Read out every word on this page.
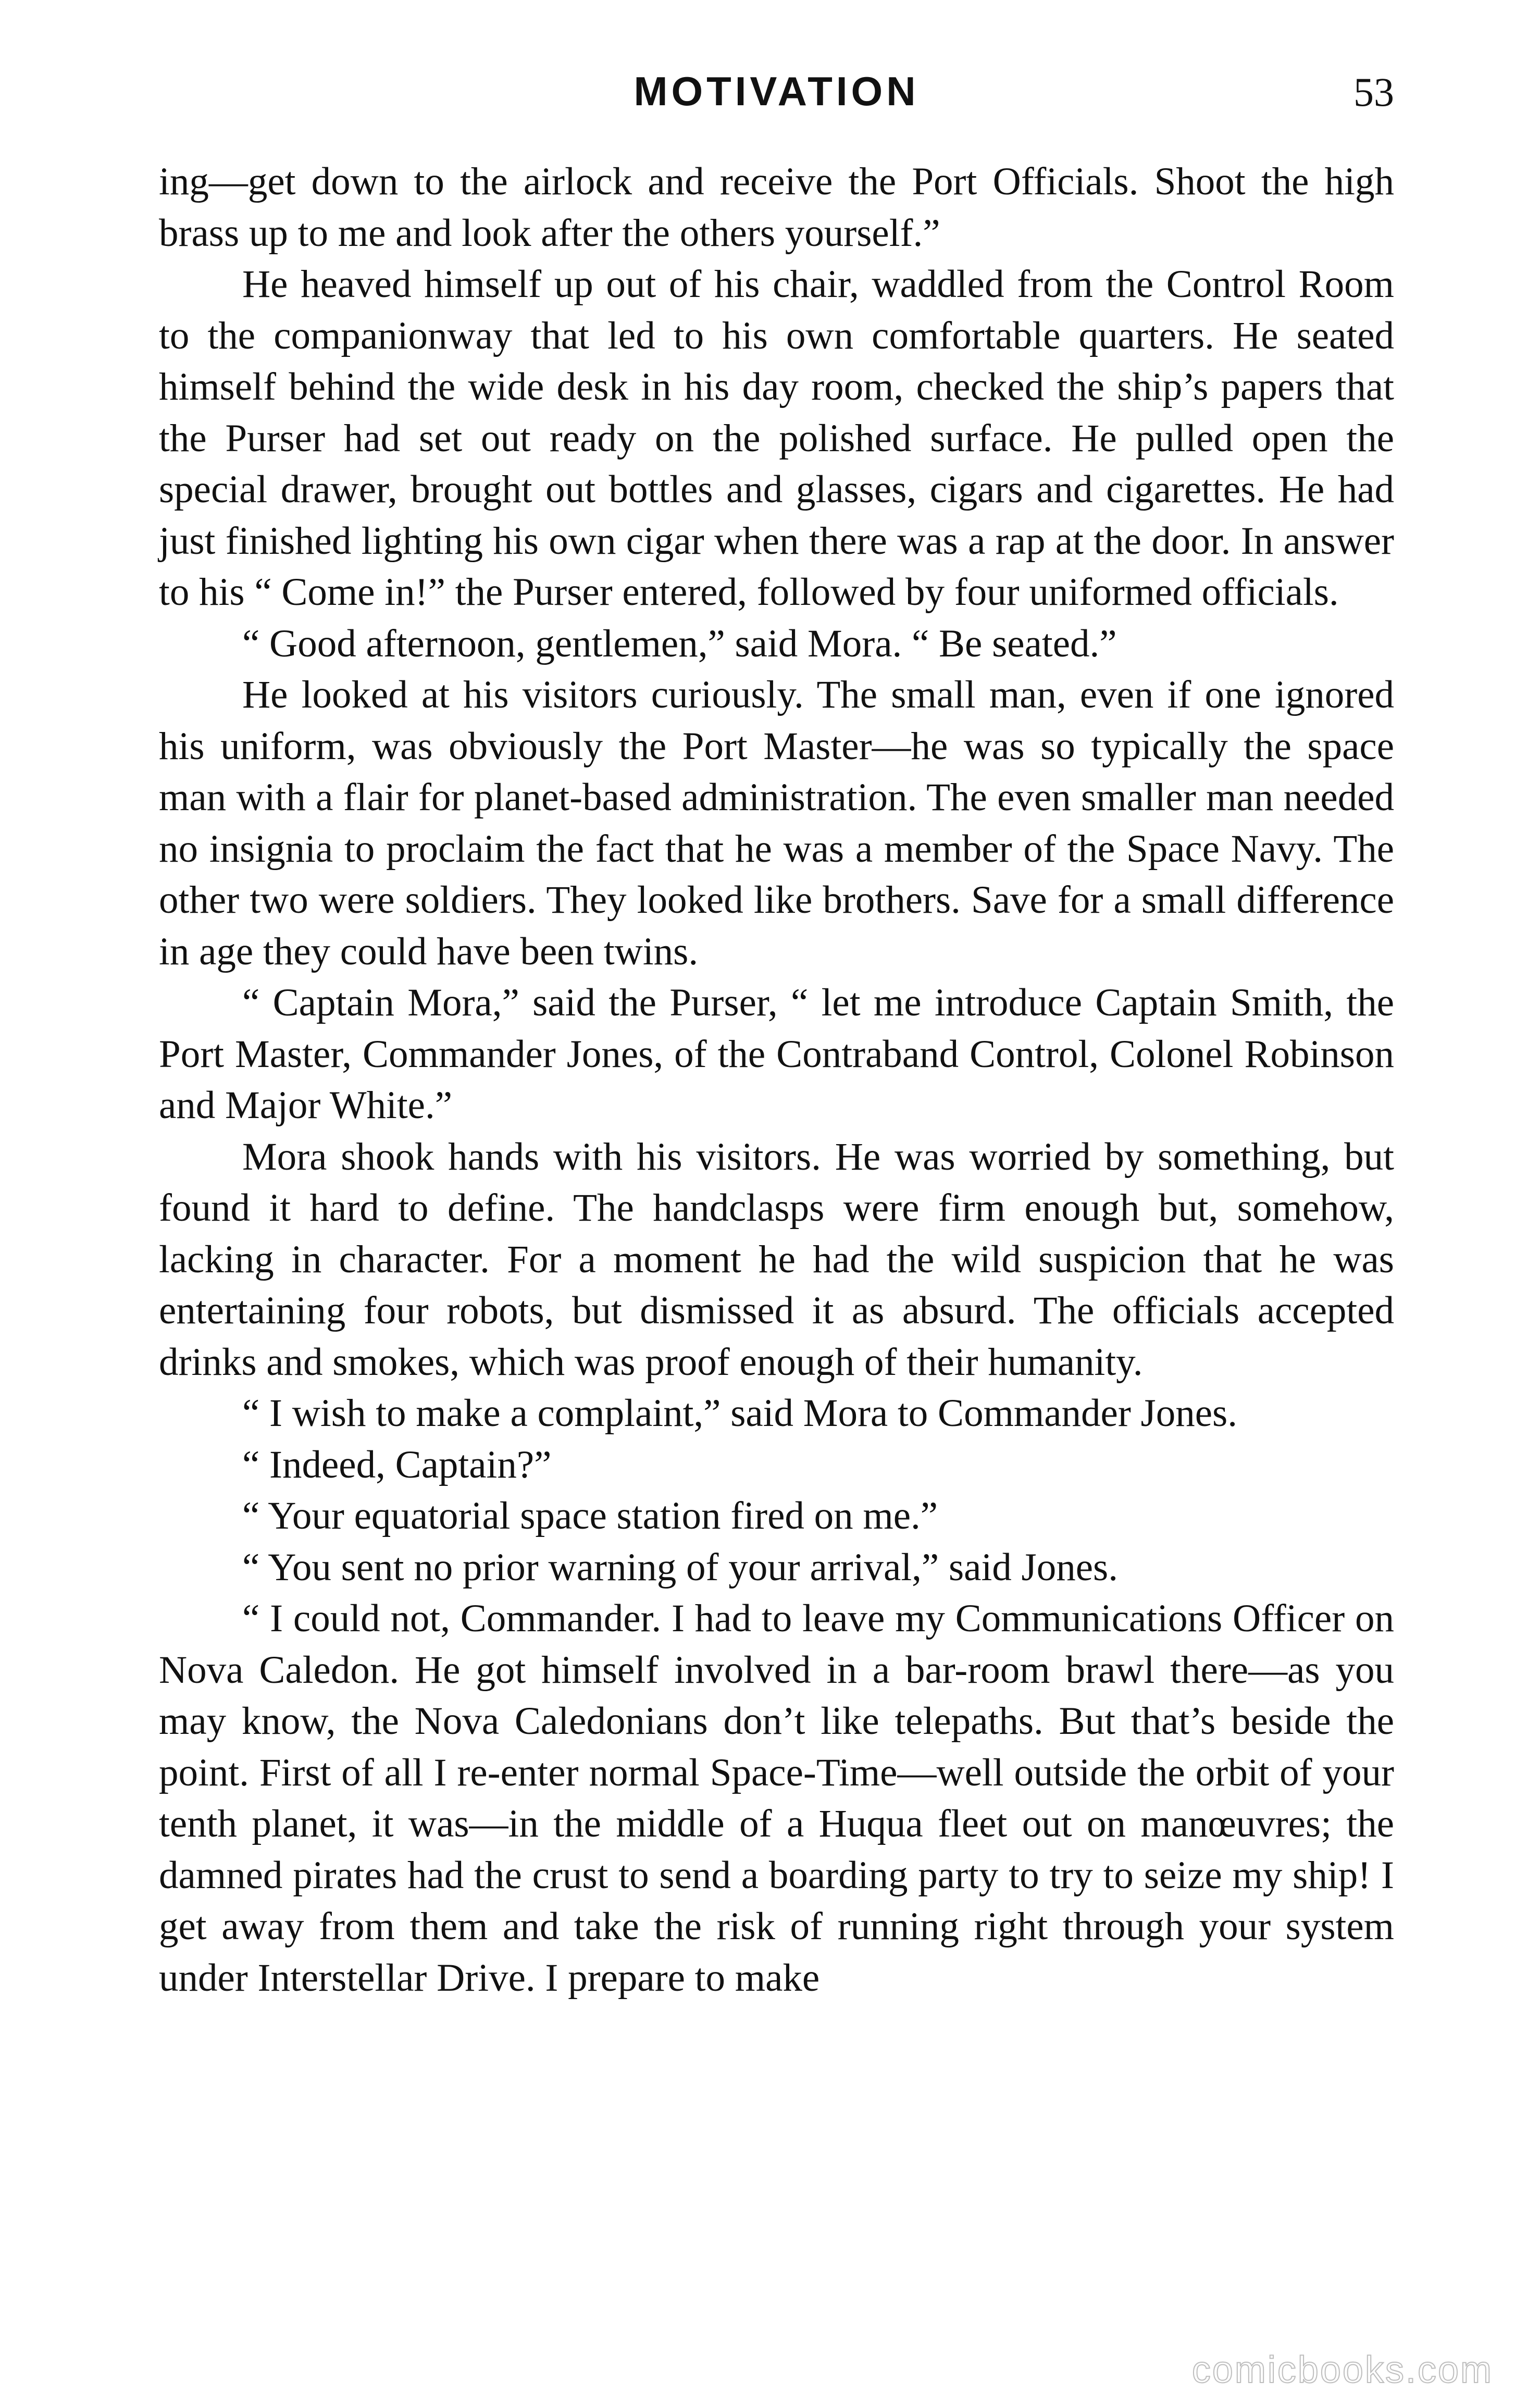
MOTIVATION	53

ing—get down to the airlock and receive the Port Officials. Shoot the high brass up to me and look after the others yourself.”

He heaved himself up out of his chair, waddled from the Control Room to the companionway that led to his own comfortable quarters. He seated himself behind the wide desk in his day room, checked the ship’s papers that the Purser had set out ready on the polished surface. He pulled open the special drawer, brought out bottles and glasses, cigars and cigarettes. He had just finished lighting his own cigar when there was a rap at the door. In answer to his “ Come in!” the Purser entered, followed by four uniformed officials.

“ Good afternoon, gentlemen,” said Mora. “ Be seated.”

He looked at his visitors curiously. The small man, even if one ignored his uniform, was obviously the Port Master—he was so typically the space man with a flair for planet-based administration. The even smaller man needed no insignia to proclaim the fact that he was a member of the Space Navy. The other two were soldiers. They looked like brothers. Save for a small difference in age they could have been twins.

“ Captain Mora,” said the Purser, “ let me introduce Captain Smith, the Port Master, Commander Jones, of the Contraband Control, Colonel Robinson and Major White.”

Mora shook hands with his visitors. He was worried by something, but found it hard to define. The handclasps were firm enough but, somehow, lacking in character. For a moment he had the wild suspicion that he was entertaining four robots, but dismissed it as absurd. The officials accepted drinks and smokes, which was proof enough of their humanity.

“ I wish to make a complaint,” said Mora to Commander Jones.

“ Indeed, Captain?”

“ Your equatorial space station fired on me.”

“ You sent no prior warning of your arrival,” said Jones.

“ I could not, Commander. I had to leave my Communications Officer on Nova Caledon. He got himself involved in a bar-room brawl there—as you may know, the Nova Caledonians don’t like telepaths. But that’s beside the point. First of all I re-enter normal Space-Time—well outside the orbit of your tenth planet, it was—in the middle of a Huqua fleet out on manœuvres; the damned pirates had the crust to send a boarding party to try to seize my ship! I get away from them and take the risk of running right through your system under Interstellar Drive. I prepare to make

comicbooks.com
